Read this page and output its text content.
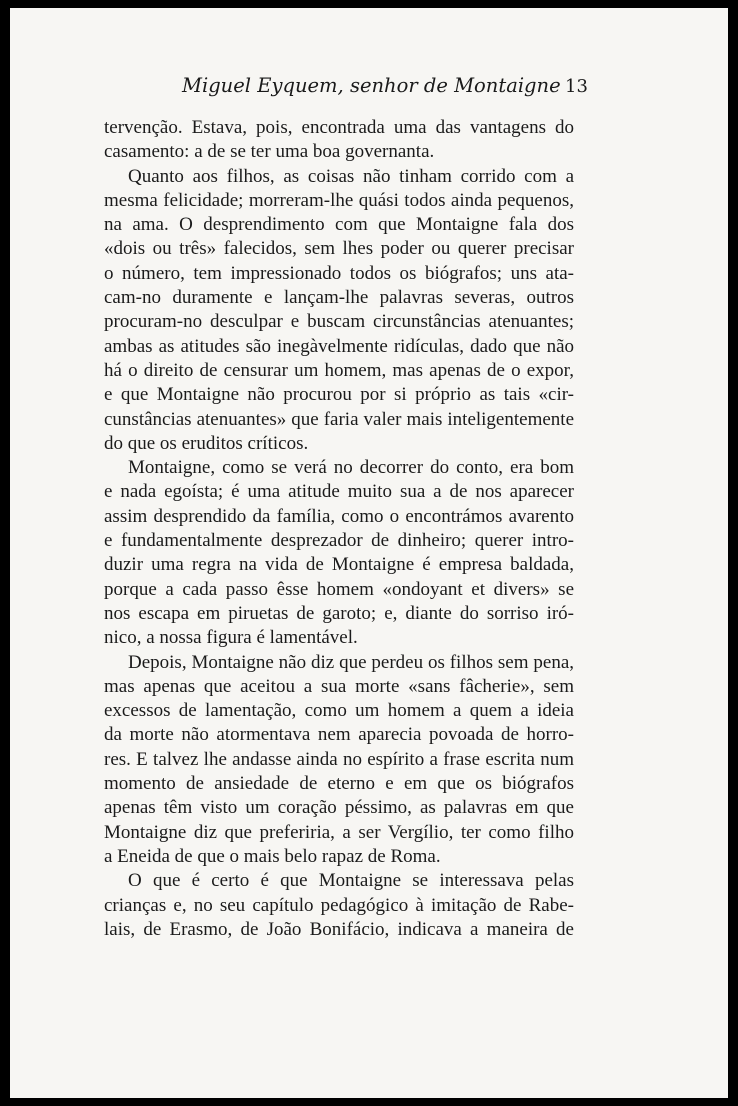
Miguel Eyquem, senhor de Montaigne 13
tervenção. Estava, pois, encontrada uma das vantagens do
casamento: a de se ter uma boa governanta.
Quanto aos filhos, as coisas não tinham corrido com a
mesma felicidade; morreram-lhe quási todos ainda pequenos,
na ama. O desprendimento com que Montaigne fala dos
«dois ou três» falecidos, sem lhes poder ou querer precisar
o número, tem impressionado todos os biógrafos; uns ata-
cam-no duramente e lançam-lhe palavras severas, outros
procuram-no desculpar e buscam circunstâncias atenuantes;
ambas as atitudes são inegàvelmente ridículas, dado que não
há o direito de censurar um homem, mas apenas de o expor,
e que Montaigne não procurou por si próprio as tais «cir-
cunstâncias atenuantes» que faria valer mais inteligentemente
do que os eruditos críticos.
Montaigne, como se verá no decorrer do conto, era bom
e nada egoísta; é uma atitude muito sua a de nos aparecer
assim desprendido da família, como o encontrámos avarento
e fundamentalmente desprezador de dinheiro; querer intro-
duzir uma regra na vida de Montaigne é empresa baldada,
porque a cada passo êsse homem «ondoyant et divers» se
nos escapa em piruetas de garoto; e, diante do sorriso iró-
nico, a nossa figura é lamentável.
Depois, Montaigne não diz que perdeu os filhos sem pena,
mas apenas que aceitou a sua morte «sans fâcherie», sem
excessos de lamentação, como um homem a quem a ideia
da morte não atormentava nem aparecia povoada de horro-
res. E talvez lhe andasse ainda no espírito a frase escrita num
momento de ansiedade de eterno e em que os biógrafos
apenas têm visto um coração péssimo, as palavras em que
Montaigne diz que preferiria, a ser Vergílio, ter como filho
a Eneida de que o mais belo rapaz de Roma.
O que é certo é que Montaigne se interessava pelas
crianças e, no seu capítulo pedagógico à imitação de Rabe-
lais, de Erasmo, de João Bonifácio, indicava a maneira de
